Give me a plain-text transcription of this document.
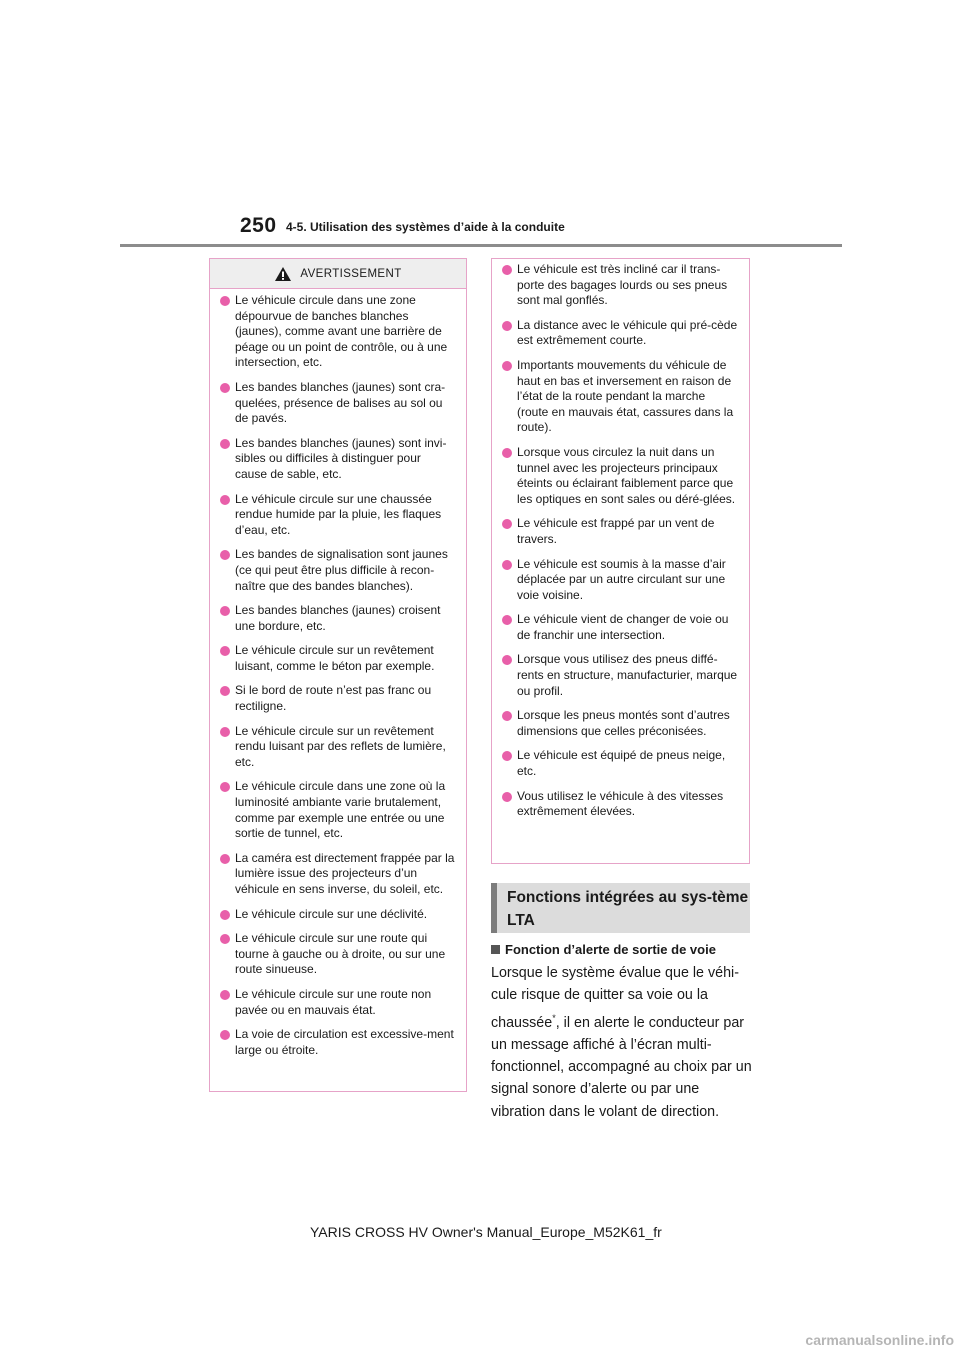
250 4-5. Utilisation des systèmes d’aide à la conduite
AVERTISSEMENT
Le véhicule circule dans une zone dépourvue de banches blanches (jaunes), comme avant une barrière de péage ou un point de contrôle, ou à une intersection, etc.
Les bandes blanches (jaunes) sont cra-quelées, présence de balises au sol ou de pavés.
Les bandes blanches (jaunes) sont invi-sibles ou difficiles à distinguer pour cause de sable, etc.
Le véhicule circule sur une chaussée rendue humide par la pluie, les flaques d’eau, etc.
Les bandes de signalisation sont jaunes (ce qui peut être plus difficile à recon-naître que des bandes blanches).
Les bandes blanches (jaunes) croisent une bordure, etc.
Le véhicule circule sur un revêtement luisant, comme le béton par exemple.
Si le bord de route n’est pas franc ou rectiligne.
Le véhicule circule sur un revêtement rendu luisant par des reflets de lumière, etc.
Le véhicule circule dans une zone où la luminosité ambiante varie brutalement, comme par exemple une entrée ou une sortie de tunnel, etc.
La caméra est directement frappée par la lumière issue des projecteurs d’un véhicule en sens inverse, du soleil, etc.
Le véhicule circule sur une déclivité.
Le véhicule circule sur une route qui tourne à gauche ou à droite, ou sur une route sinueuse.
Le véhicule circule sur une route non pavée ou en mauvais état.
La voie de circulation est excessive-ment large ou étroite.
Le véhicule est très incliné car il trans-porte des bagages lourds ou ses pneus sont mal gonflés.
La distance avec le véhicule qui pré-cède est extrêmement courte.
Importants mouvements du véhicule de haut en bas et inversement en raison de l’état de la route pendant la marche (route en mauvais état, cassures dans la route).
Lorsque vous circulez la nuit dans un tunnel avec les projecteurs principaux éteints ou éclairant faiblement parce que les optiques en sont sales ou déré-glées.
Le véhicule est frappé par un vent de travers.
Le véhicule est soumis à la masse d’air déplacée par un autre circulant sur une voie voisine.
Le véhicule vient de changer de voie ou de franchir une intersection.
Lorsque vous utilisez des pneus diffé-rents en structure, manufacturier, marque ou profil.
Lorsque les pneus montés sont d’autres dimensions que celles préconisées.
Le véhicule est équipé de pneus neige, etc.
Vous utilisez le véhicule à des vitesses extrêmement élevées.
Fonctions intégrées au sys-tème LTA
Fonction d’alerte de sortie de voie
Lorsque le système évalue que le véhi-cule risque de quitter sa voie ou la chaussée*, il en alerte le conducteur par un message affiché à l’écran multi-fonctionnel, accompagné au choix par un signal sonore d’alerte ou par une vibration dans le volant de direction.
YARIS CROSS HV Owner's Manual_Europe_M52K61_fr
carmanualsonline.info
